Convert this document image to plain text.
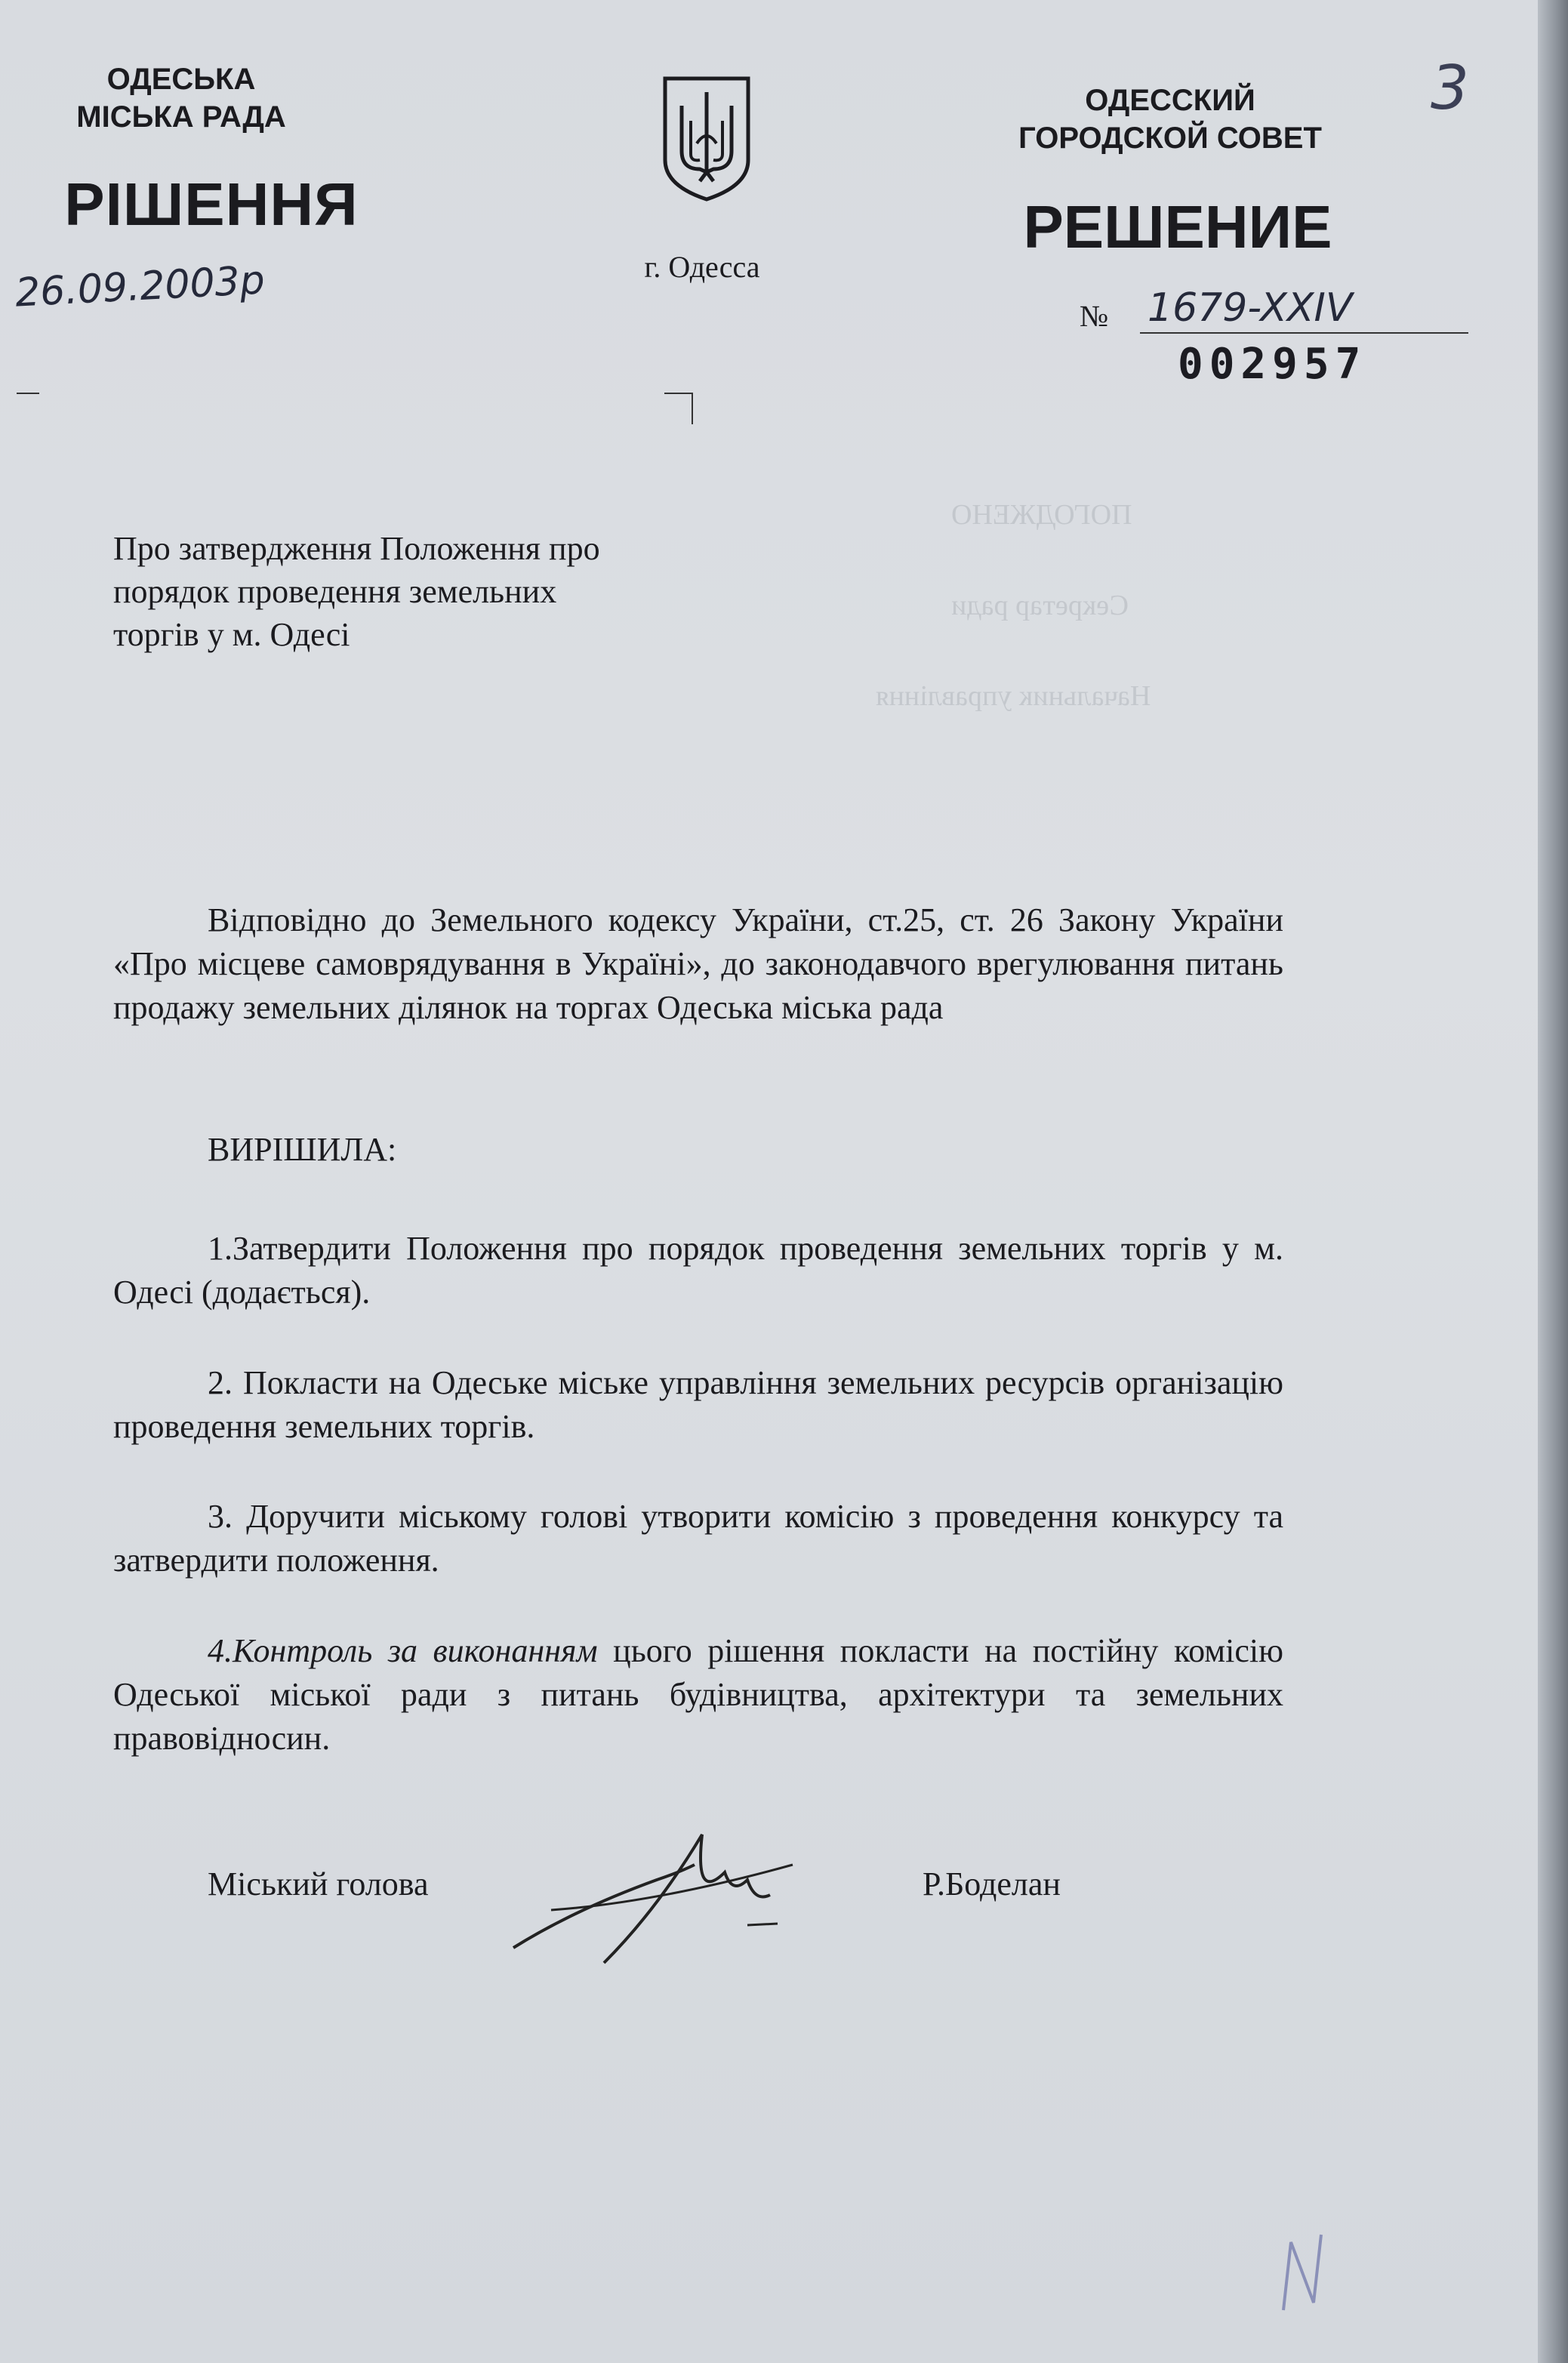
ПОГОДЖЕНО
Секретар ради
Начальник управління
ОДЕСЬКА
МІСЬКА РАДА
РІШЕННЯ
26.09.2003р	г. Одесса
ОДЕССКИЙ
ГОРОДСКОЙ СОВЕТ
РЕШЕНИЕ
№ 1679-XXIV
002957
3
Про затвердження Положення про
порядок проведення земельних
торгів у м. Одесі
Відповідно до Земельного кодексу України, ст.25, ст. 26 Закону України «Про місцеве самоврядування в Україні», до законодавчого врегулювання питань продажу земельних ділянок на торгах Одеська міська рада
ВИРІШИЛА:
1.Затвердити Положення про порядок проведення земельних торгів у м. Одесі (додається).
2. Покласти на Одеське міське управління земельних ресурсів організацію проведення земельних торгів.
3. Доручити міському голові утворити комісію з проведення конкурсу та затвердити положення.
4.Контроль за виконанням цього рішення покласти на постійну комісію Одеської міської ради з питань будівництва, архітектури та земельних правовідносин.
Міський голова	Р.Боделан
